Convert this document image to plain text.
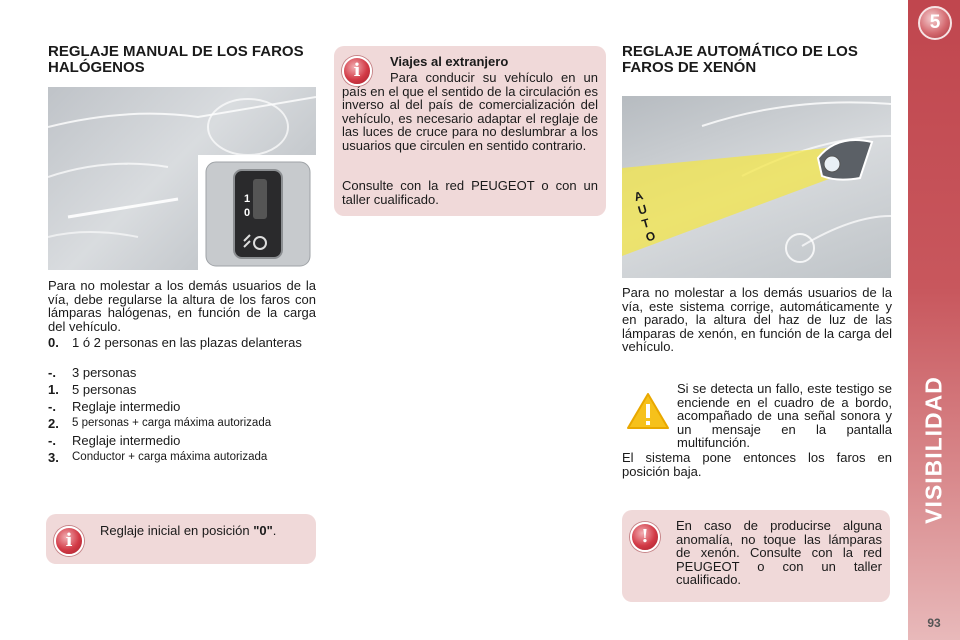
5
VISIBILIDAD
93
REGLAJE MANUAL DE LOS FAROS HALÓGENOS
1
0
Para no molestar a los demás usuarios de la vía, debe regularse la altura de los faros con lámparas halógenas, en función de la carga del vehículo.
0. 1 ó 2 personas en las plazas delanteras
-. 3 personas
1. 5 personas
-. Reglaje intermedio
2. 5 personas + carga máxima autorizada
-. Reglaje intermedio
3. Conductor + carga máxima autorizada
i	Reglaje inicial en posición "0".
i	Viajes al extranjero
Para conducir su vehículo en un país en el que el sentido de la circulación es inverso al del país de comercialización del vehículo, es necesario adaptar el reglaje de las luces de cruce para no deslumbrar a los usuarios que circulen en sentido contrario.
Consulte con la red PEUGEOT o con un taller cualificado.
REGLAJE AUTOMÁTICO DE LOS FAROS DE XENÓN
AUTO
Para no molestar a los demás usuarios de la vía, este sistema corrige, automáticamente y en parado, la altura del haz de luz de las lámparas de xenón, en función de la carga del vehículo.
Si se detecta un fallo, este testigo se enciende en el cuadro de a bordo, acompañado de una señal sonora y un mensaje en la pantalla multifunción.
El sistema pone entonces los faros en posición baja.
!
En caso de producirse alguna anomalía, no toque las lámparas de xenón. Consulte con la red PEUGEOT o con un taller cualificado.
